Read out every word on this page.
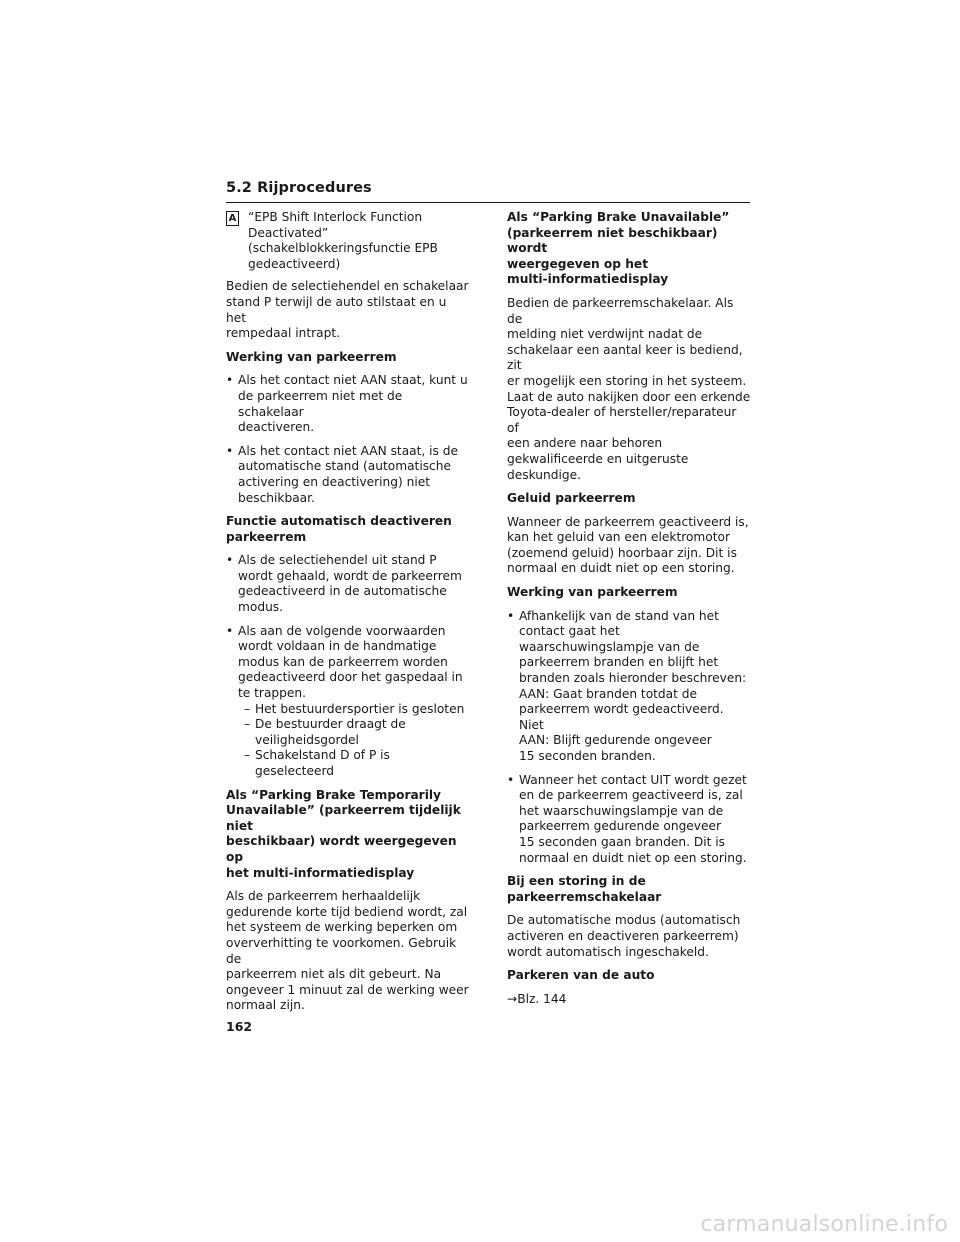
5.2 Rijprocedures
A “EPB Shift Interlock Function
Deactivated”
(schakelblokkeringsfunctie EPB
gedeactiveerd)

Bedien de selectiehendel en schakelaar
stand P terwijl de auto stilstaat en u het
rempedaal intrapt.

Werking van parkeerrem
• Als het contact niet AAN staat, kunt u
de parkeerrem niet met de schakelaar
deactiveren.
• Als het contact niet AAN staat, is de
automatische stand (automatische
activering en deactivering) niet
beschikbaar.
Functie automatisch deactiveren
parkeerrem
• Als de selectiehendel uit stand P
wordt gehaald, wordt de parkeerrem
gedeactiveerd in de automatische
modus.
• Als aan de volgende voorwaarden
wordt voldaan in de handmatige
modus kan de parkeerrem worden
gedeactiveerd door het gaspedaal in
te trappen.
– Het bestuurdersportier is gesloten
– De bestuurder draagt de
veiligheidsgordel
– Schakelstand D of P is geselecteerd
Als “Parking Brake Temporarily
Unavailable” (parkeerrem tijdelijk niet
beschikbaar) wordt weergegeven op
het multi-informatiedisplay

Als de parkeerrem herhaaldelijk
gedurende korte tijd bediend wordt, zal
het systeem de werking beperken om
oververhitting te voorkomen. Gebruik de
parkeerrem niet als dit gebeurt. Na
ongeveer 1 minuut zal de werking weer
normaal zijn.

Als “Parking Brake Unavailable”
(parkeerrem niet beschikbaar) wordt
weergegeven op het
multi-informatiedisplay

Bedien de parkeerremschakelaar. Als de
melding niet verdwijnt nadat de
schakelaar een aantal keer is bediend, zit
er mogelijk een storing in het systeem.
Laat de auto nakijken door een erkende
Toyota-dealer of hersteller/reparateur of
een andere naar behoren
gekwalificeerde en uitgeruste
deskundige.

Geluid parkeerrem

Wanneer de parkeerrem geactiveerd is,
kan het geluid van een elektromotor
(zoemend geluid) hoorbaar zijn. Dit is
normaal en duidt niet op een storing.

Werking van parkeerrem
• Afhankelijk van de stand van het
contact gaat het
waarschuwingslampje van de
parkeerrem branden en blijft het
branden zoals hieronder beschreven:
AAN: Gaat branden totdat de
parkeerrem wordt gedeactiveerd. Niet
AAN: Blijft gedurende ongeveer
15 seconden branden.
• Wanneer het contact UIT wordt gezet
en de parkeerrem geactiveerd is, zal
het waarschuwingslampje van de
parkeerrem gedurende ongeveer
15 seconden gaan branden. Dit is
normaal en duidt niet op een storing.
Bij een storing in de
parkeerremschakelaar

De automatische modus (automatisch
activeren en deactiveren parkeerrem)
wordt automatisch ingeschakeld.

Parkeren van de auto

→Blz. 144

162
carmanualsonline.info
